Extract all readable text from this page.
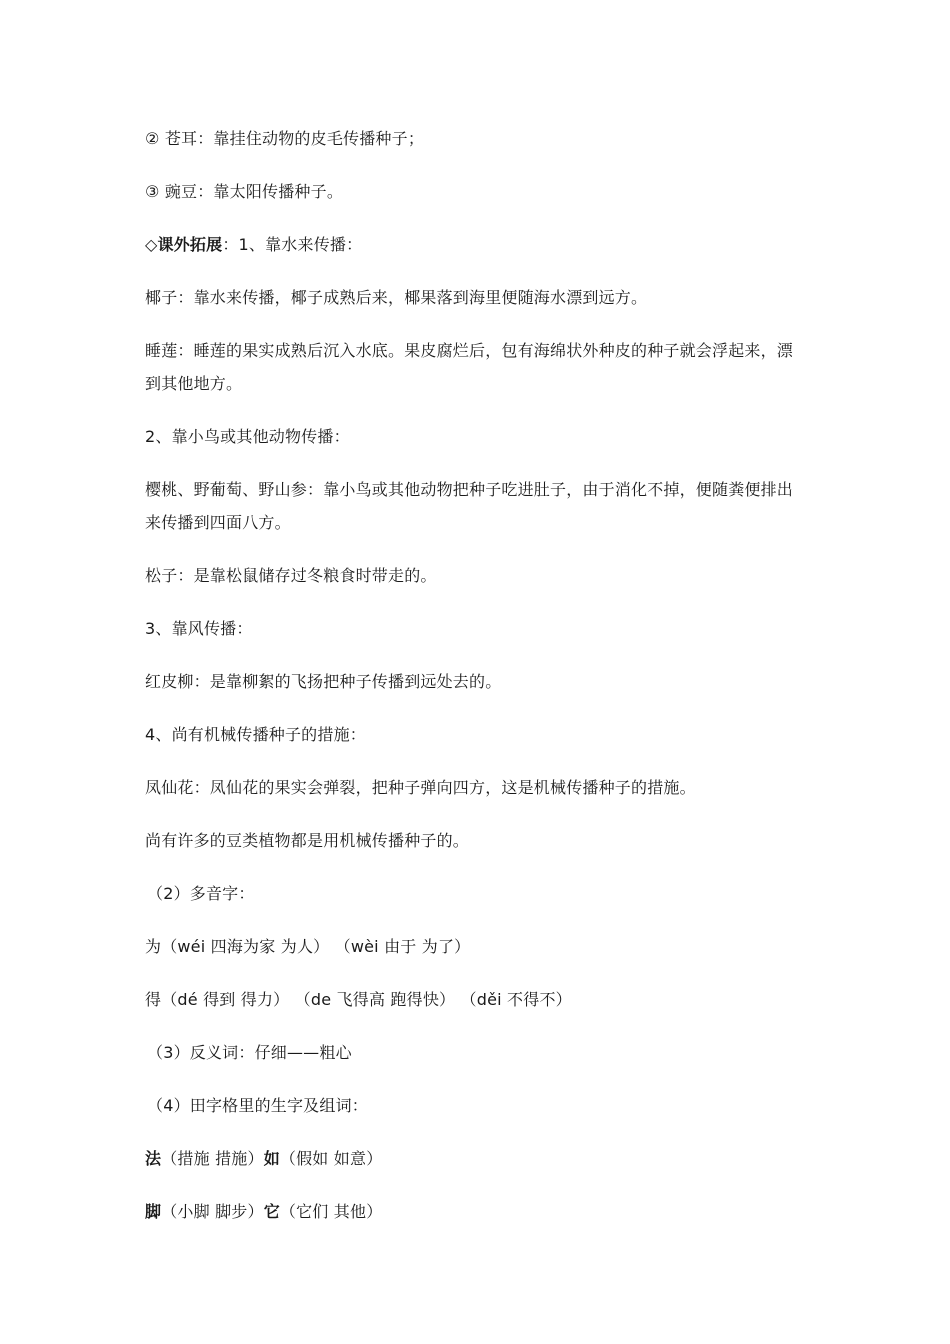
② 苍耳：靠挂住动物的皮毛传播种子；

③ 豌豆：靠太阳传播种子。

◇课外拓展：1、靠水来传播：

椰子：靠水来传播，椰子成熟后来，椰果落到海里便随海水漂到远方。

睡莲：睡莲的果实成熟后沉入水底。果皮腐烂后，包有海绵状外种皮的种子就会浮起来，漂到其他地方。

2、靠小鸟或其他动物传播：

樱桃、野葡萄、野山参：靠小鸟或其他动物把种子吃进肚子，由于消化不掉，便随粪便排出来传播到四面八方。

松子：是靠松鼠储存过冬粮食时带走的。

3、靠风传播：

红皮柳：是靠柳絮的飞扬把种子传播到远处去的。

4、尚有机械传播种子的措施：

凤仙花：凤仙花的果实会弹裂，把种子弹向四方，这是机械传播种子的措施。

尚有许多的豆类植物都是用机械传播种子的。

（2）多音字：

为（wéi 四海为家 为人） （wèi 由于 为了）

得（dé 得到 得力） （de 飞得高 跑得快） （děi 不得不）

（3）反义词：仔细——粗心

（4）田字格里的生字及组词：

法（措施 措施）如（假如 如意）

脚（小脚 脚步）它（它们 其他）
